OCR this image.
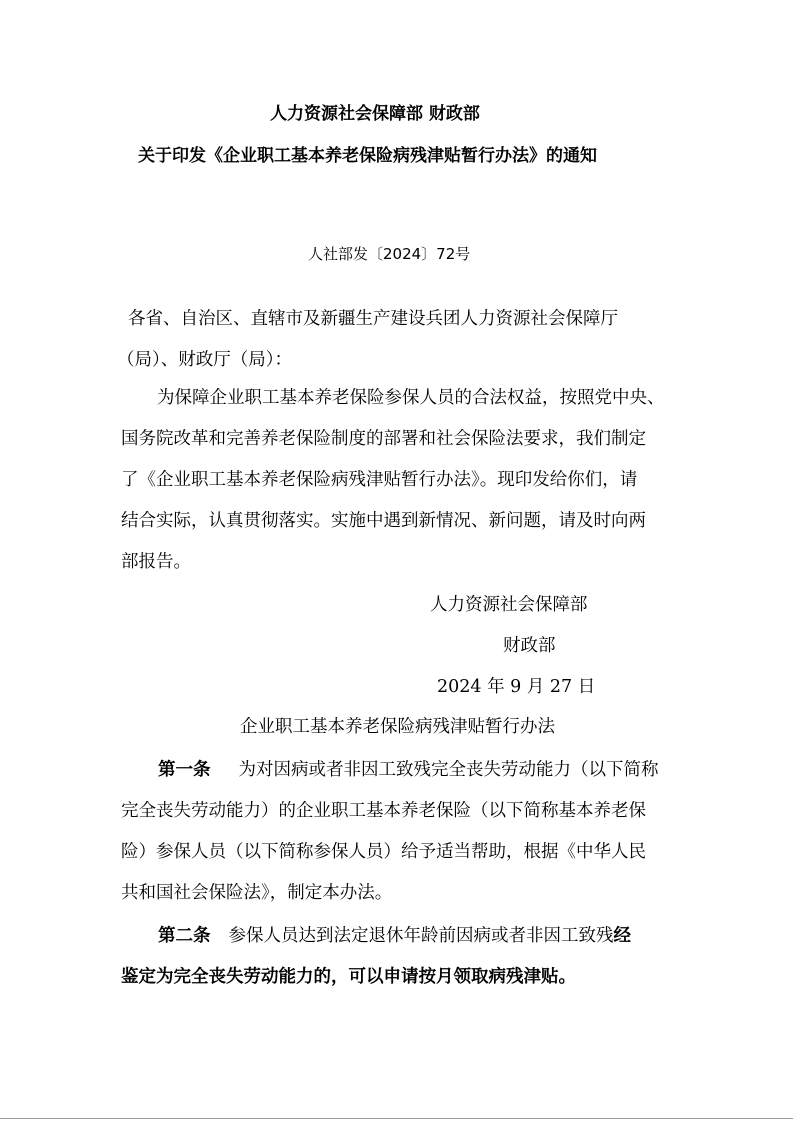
人力资源社会保障部 财政部
关于印发《企业职工基本养老保险病残津贴暂行办法》的通知
人社部发〔2024〕72号
各省、自治区、直辖市及新疆生产建设兵团人力资源社会保障厅
（局）、财政厅（局）：
为保障企业职工基本养老保险参保人员的合法权益，按照党中央、
国务院改革和完善养老保险制度的部署和社会保险法要求，我们制定
了《企业职工基本养老保险病残津贴暂行办法》。现印发给你们，请
结合实际，认真贯彻落实。实施中遇到新情况、新问题，请及时向两
部报告。
人力资源社会保障部
财政部
2024 年 9 月 27 日
企业职工基本养老保险病残津贴暂行办法
第一条 为对因病或者非因工致残完全丧失劳动能力（以下简称
完全丧失劳动能力）的企业职工基本养老保险（以下简称基本养老保
险）参保人员（以下简称参保人员）给予适当帮助，根据《中华人民
共和国社会保险法》，制定本办法。
第二条 参保人员达到法定退休年龄前因病或者非因工致残经
鉴定为完全丧失劳动能力的，可以申请按月领取病残津贴。
